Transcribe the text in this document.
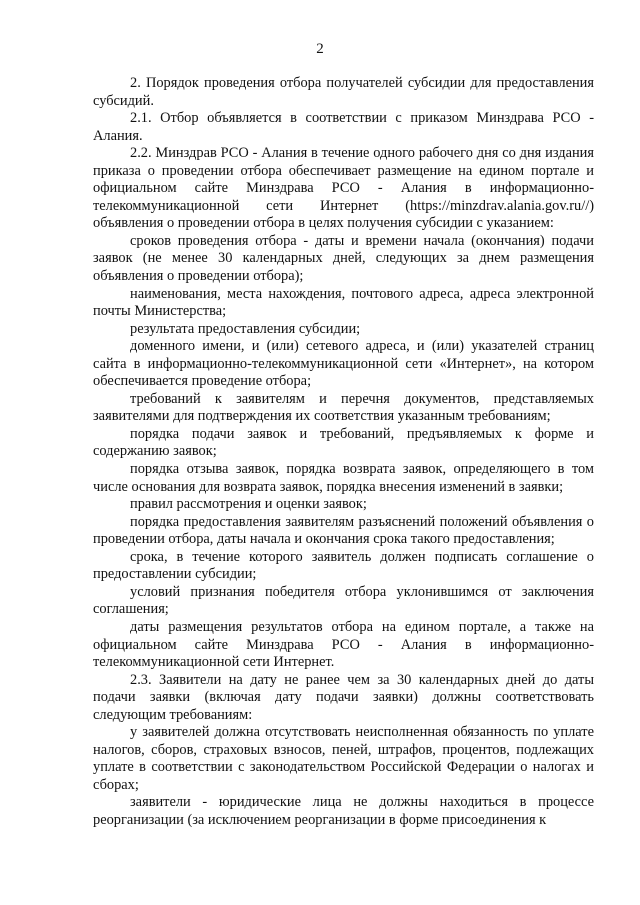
2

2. Порядок проведения отбора получателей субсидии для предоставления субсидий.

2.1. Отбор объявляется в соответствии с приказом Минздрава РСО - Алания.

2.2. Минздрав РСО - Алания в течение одного рабочего дня со дня издания приказа о проведении отбора обеспечивает размещение на едином портале и официальном сайте Минздрава РСО - Алания в информационно-телекоммуникационной сети Интернет (https://minzdrav.alania.gov.ru//) объявления о проведении отбора в целях получения субсидии с указанием:

сроков проведения отбора - даты и времени начала (окончания) подачи заявок (не менее 30 календарных дней, следующих за днем размещения объявления о проведении отбора);

наименования, места нахождения, почтового адреса, адреса электронной почты Министерства;

результата предоставления субсидии;

доменного имени, и (или) сетевого адреса, и (или) указателей страниц сайта в информационно-телекоммуникационной сети «Интернет», на котором обеспечивается проведение отбора;

требований к заявителям и перечня документов, представляемых заявителями для подтверждения их соответствия указанным требованиям;

порядка подачи заявок и требований, предъявляемых к форме и содержанию заявок;

порядка отзыва заявок, порядка возврата заявок, определяющего в том числе основания для возврата заявок, порядка внесения изменений в заявки;

правил рассмотрения и оценки заявок;

порядка предоставления заявителям разъяснений положений объявления о проведении отбора, даты начала и окончания срока такого предоставления;

срока, в течение которого заявитель должен подписать соглашение о предоставлении субсидии;

условий признания победителя отбора уклонившимся от заключения соглашения;

даты размещения результатов отбора на едином портале, а также на официальном сайте Минздрава РСО - Алания в информационно-телекоммуникационной сети Интернет.

2.3. Заявители на дату не ранее чем за 30 календарных дней до даты подачи заявки (включая дату подачи заявки) должны соответствовать следующим требованиям:

у заявителей должна отсутствовать неисполненная обязанность по уплате налогов, сборов, страховых взносов, пеней, штрафов, процентов, подлежащих уплате в соответствии с законодательством Российской Федерации о налогах и сборах;

заявители - юридические лица не должны находиться в процессе реорганизации (за исключением реорганизации в форме присоединения к
